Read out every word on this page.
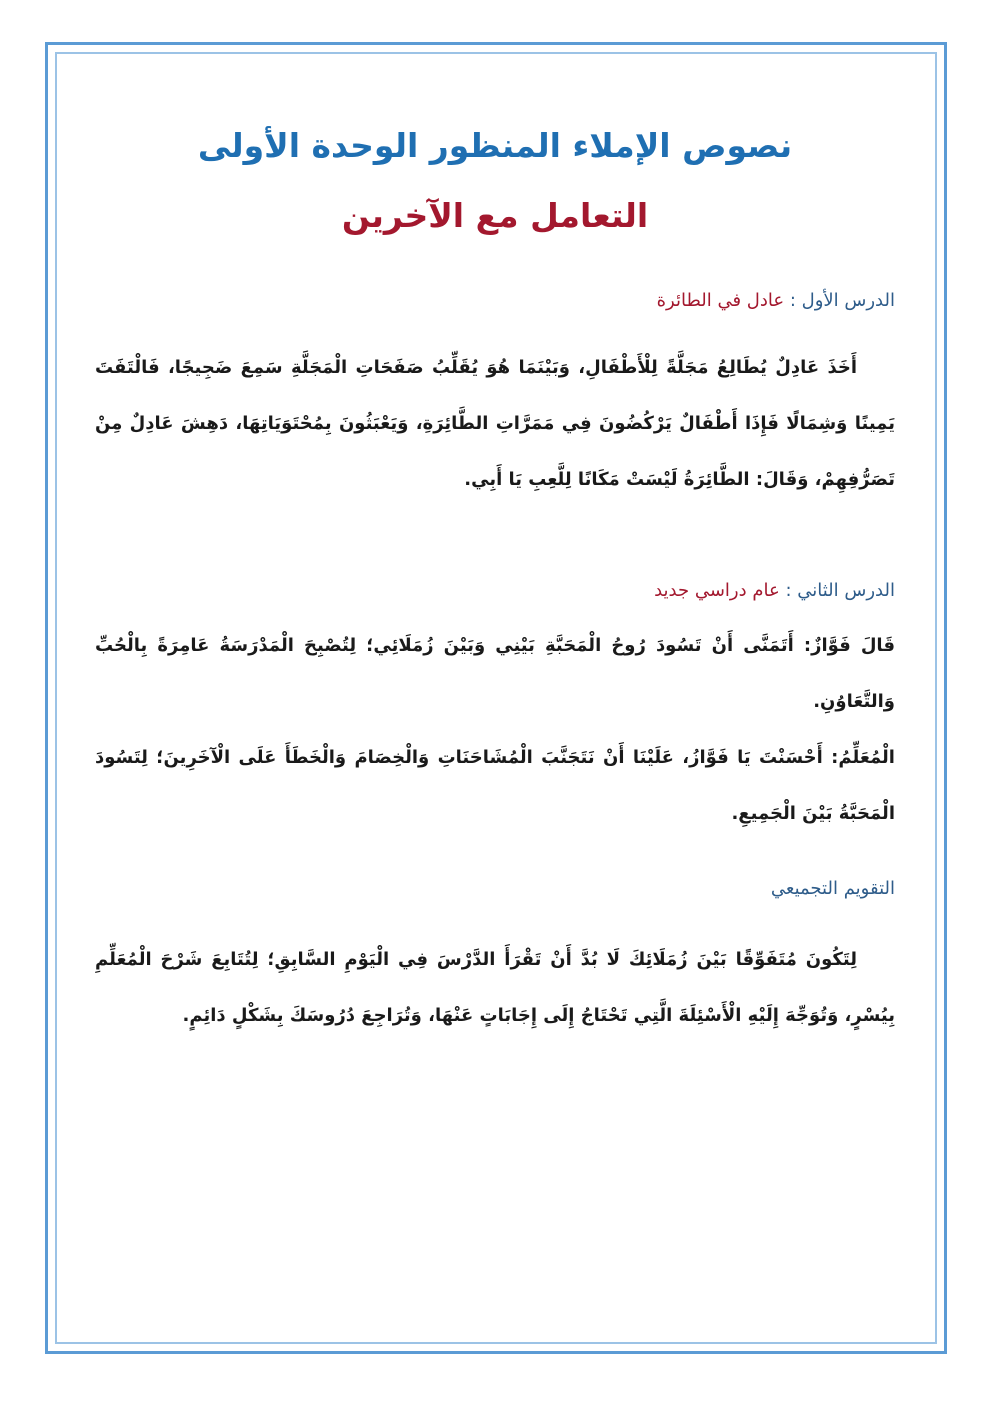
نصوص الإملاء المنظور الوحدة الأولى
التعامل مع الآخرين

الدرس الأول : عادل في الطائرة

أَخَذَ عَادِلٌ يُطَالِعُ مَجَلَّةً لِلْأَطْفَالِ، وَبَيْنَمَا هُوَ يُقَلِّبُ صَفَحَاتِ الْمَجَلَّةِ سَمِعَ ضَجِيجًا، فَالْتَفَتَ يَمِينًا وَشِمَالًا فَإِذَا أَطْفَالٌ يَرْكُضُونَ فِي مَمَرَّاتِ الطَّائِرَةِ، وَيَعْبَثُونَ بِمُحْتَوَيَاتِهَا، دَهِشَ عَادِلٌ مِنْ تَصَرُّفِهِمْ، وَقَالَ: الطَّائِرَةُ لَيْسَتْ مَكَانًا لِلَّعِبِ يَا أَبِي.

الدرس الثاني : عام دراسي جديد

قَالَ فَوَّازٌ: أَتَمَنَّى أَنْ تَسُودَ رُوحُ الْمَحَبَّةِ بَيْنِي وَبَيْنَ زُمَلَائِي؛ لِتُصْبِحَ الْمَدْرَسَةُ عَامِرَةً بِالْحُبِّ وَالتَّعَاوُنِ.

الْمُعَلِّمُ: أَحْسَنْتَ يَا فَوَّازُ، عَلَيْنَا أَنْ نَتَجَنَّبَ الْمُشَاحَنَاتِ وَالْخِصَامَ وَالْخَطَأَ عَلَى الْآخَرِينَ؛ لِتَسُودَ الْمَحَبَّةُ بَيْنَ الْجَمِيعِ.

التقويم التجميعي

لِتَكُونَ مُتَفَوِّقًا بَيْنَ زُمَلَائِكَ لَا بُدَّ أَنْ تَقْرَأَ الدَّرْسَ فِي الْيَوْمِ السَّابِقِ؛ لِتُتَابِعَ شَرْحَ الْمُعَلِّمِ بِيُسْرٍ، وَتُوَجِّهَ إِلَيْهِ الْأَسْئِلَةَ الَّتِي تَحْتَاجُ إِلَى إِجَابَاتٍ عَنْهَا، وَتُرَاجِعَ دُرُوسَكَ بِشَكْلٍ دَائِمٍ.
